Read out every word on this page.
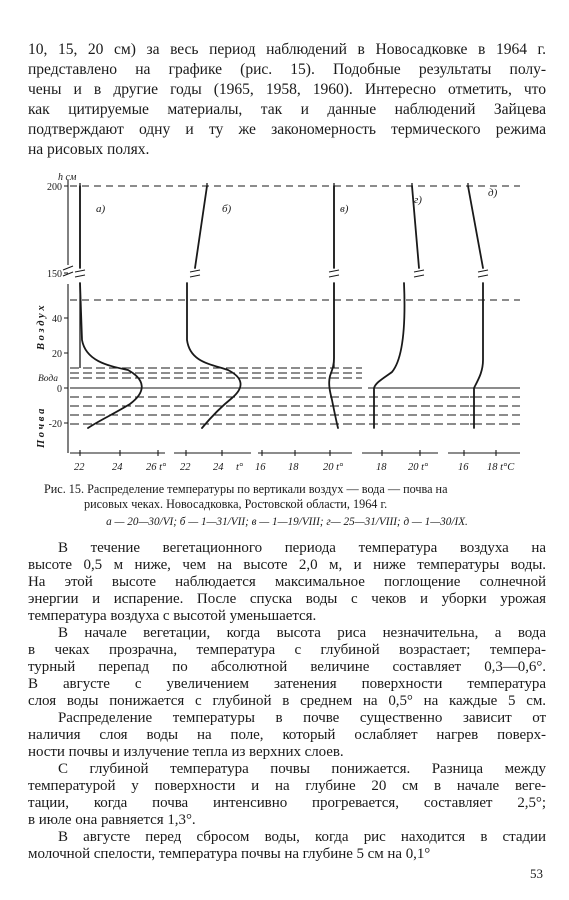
10, 15, 20 см) за весь период наблюдений в Новосадковке в 1964 г.
представлено на графике (рис. 15). Подобные результаты полу-
чены и в другие годы (1965, 1958, 1960). Интересно отметить, что
как цитируемые материалы, так и данные наблюдений Зайцева
подтверждают одну и ту же закономерность термического режима
на рисовых полях.
h см
200
150
40
20
0
-20
Вода
В о з д у х
П о ч в а
а)	б)	в)
г)
д)
22	24 26 t° 22 24 t° 16 18 20 t°	18 20 t°	16 18 t°С
Рис. 15. Распределение температуры по вертикали воздух — вода — почва на
рисовых чеках. Новосадковка, Ростовской области, 1964 г.
а — 20—30/VI; б — 1—31/VII; в — 1—19/VIII; г— 25—31/VIII; д — 1—30/IX.
В течение вегетационного периода температура воздуха на
высоте 0,5 м ниже, чем на высоте 2,0 м, и ниже температуры воды.
На этой высоте наблюдается максимальное поглощение солнечной
энергии и испарение. После спуска воды с чеков и уборки урожая
температура воздуха с высотой уменьшается.
В начале вегетации, когда высота риса незначительна, а вода
в чеках прозрачна, температура с глубиной возрастает; темпера-
турный перепад по абсолютной величине составляет 0,3—0,6°.
В августе с увеличением затенения поверхности температура
слоя воды понижается с глубиной в среднем на 0,5° на каждые 5 см.
Распределение температуры в почве существенно зависит от
наличия слоя воды на поле, который ослабляет нагрев поверх-
ности почвы и излучение тепла из верхних слоев.
С глубиной температура почвы понижается. Разница между
температурой у поверхности и на глубине 20 см в начале веге-
тации, когда почва интенсивно прогревается, составляет 2,5°;
в июле она равняется 1,3°.
В августе перед сбросом воды, когда рис находится в стадии
молочной спелости, температура почвы на глубине 5 см на 0,1°
53
